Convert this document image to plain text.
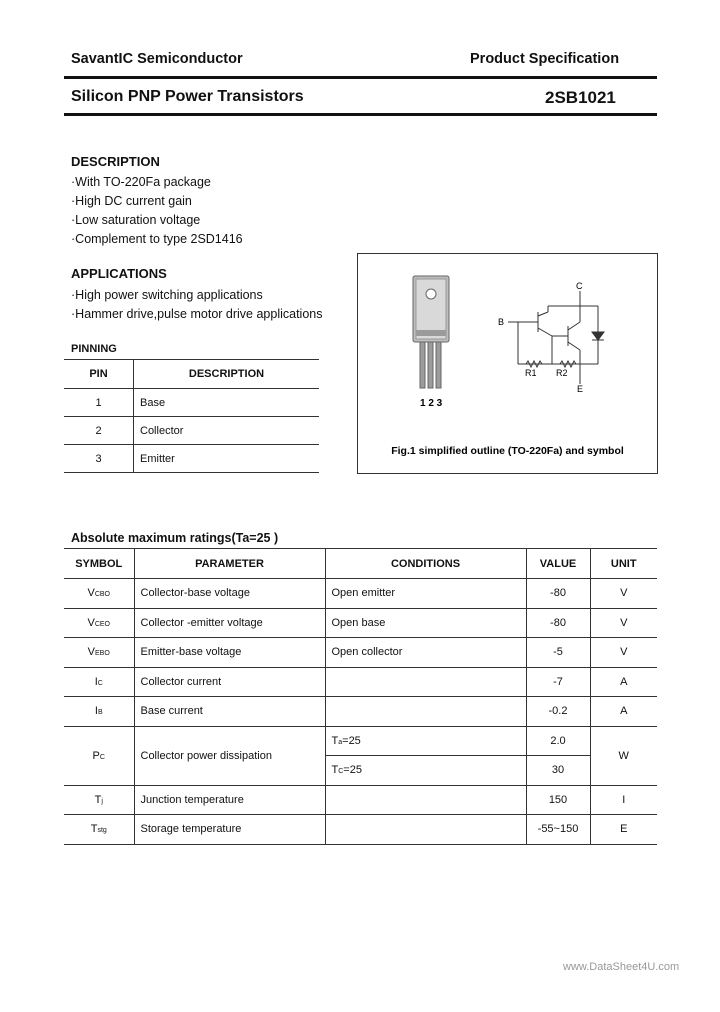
SavantIC Semiconductor	Product Specification
Silicon PNP Power Transistors	2SB1021
DESCRIPTION
·With TO-220Fa package
·High DC current gain
·Low saturation voltage
·Complement to type 2SD1416
APPLICATIONS
·High power switching applications
·Hammer drive,pulse motor drive applications
PINNING
PIN	DESCRIPTION
1	Base
2	Collector
3	Emitter
1 2 3
C
E
B
R1 R2
Fig.1 simplified outline (TO-220Fa) and symbol
Absolute maximum ratings(Ta=25 )
SYMBOL	PARAMETER	CONDITIONS	VALUE	UNIT
VCBO	Collector-base voltage	Open emitter	-80	V
VCEO	Collector -emitter voltage	Open base	-80	V
VEBO	Emitter-base voltage	Open collector	-5	V
IC	Collector current		-7	A
IB	Base current		-0.2	A
PC	Collector power dissipation	Ta=25	2.0	W
		TC=25	30	
Tj	Junction temperature		150	I
Tstg	Storage temperature		-55~150	E
www.DataSheet4U.com
